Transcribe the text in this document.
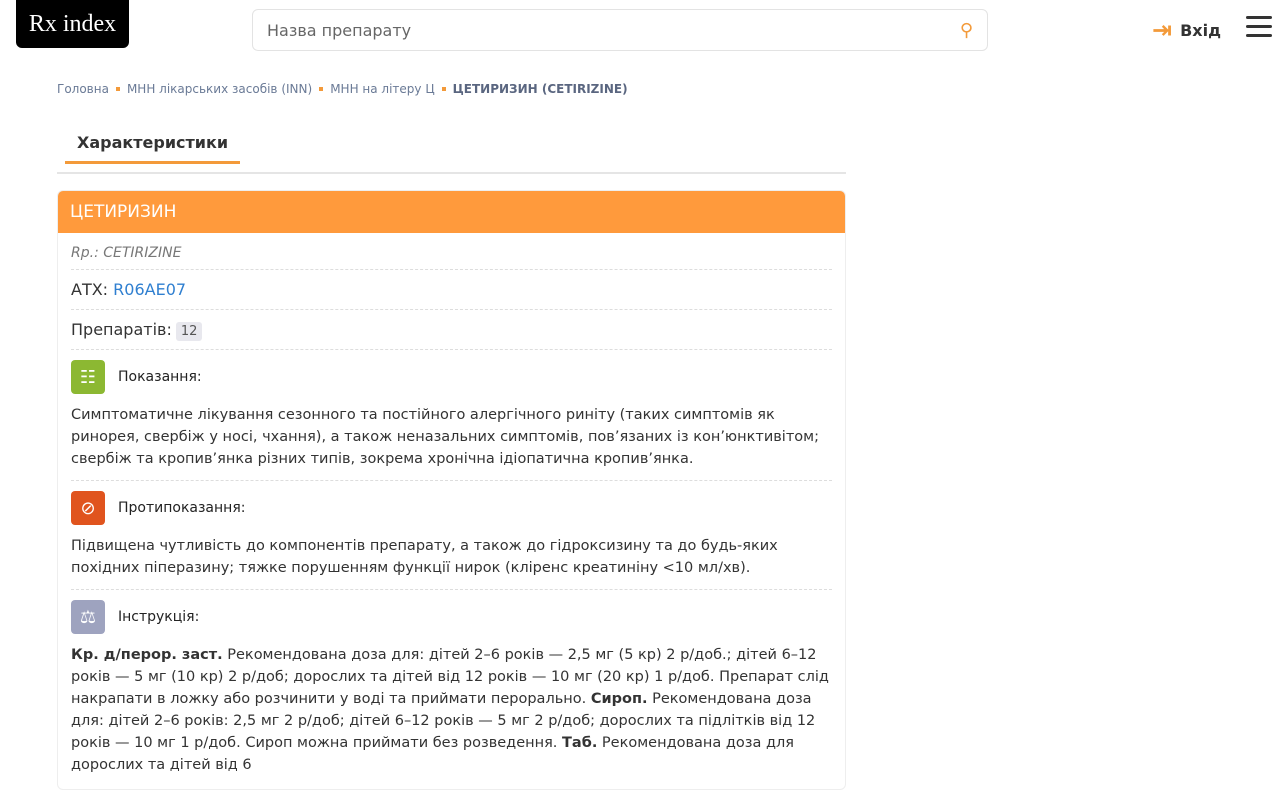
Rx index
Назва препарату	⚲	⇥ Вхід
Головна МНН лікарських засобів (INN) МНН на літеру Ц ЦЕТИРИЗИН (CETIRIZINE)
Характеристики
ЦЕТИРИЗИН
Rp.: CETIRIZINE
АТХ: R06AE07
Препаратів: 12
☷	Показання:
Симптоматичне лікування сезонного та постійного алергічного риніту (таких симптомів як ринорея, свербіж у носі, чхання), а також неназальних симптомів, пов’язаних із кон’юнктивітом; свербіж та кропив’янка різних типів, зокрема хронічна ідіопатична кропив’янка.
⊘	Протипоказання:
Підвищена чутливість до компонентів препарату, а також до гідроксизину та до будь-яких похідних піперазину; тяжке порушенням функції нирок (кліренс креатиніну <10 мл/хв).
⚖	Інструкція:
Кр. д/перор. заст. Рекомендована доза для: дітей 2–6 років — 2,5 мг (5 кр) 2 р/доб.; дітей 6–12 років — 5 мг (10 кр) 2 р/доб; дорослих та дітей від 12 років — 10 мг (20 кр) 1 р/доб. Препарат слід накрапати в ложку або розчинити у воді та приймати перорально. Сироп. Рекомендована доза для: дітей 2–6 років: 2,5 мг 2 р/доб; дітей 6–12 років — 5 мг 2 р/доб; дорослих та підлітків від 12 років — 10 мг 1 р/доб. Сироп можна приймати без розведення. Таб. Рекомендована доза для дорослих та дітей від 6
